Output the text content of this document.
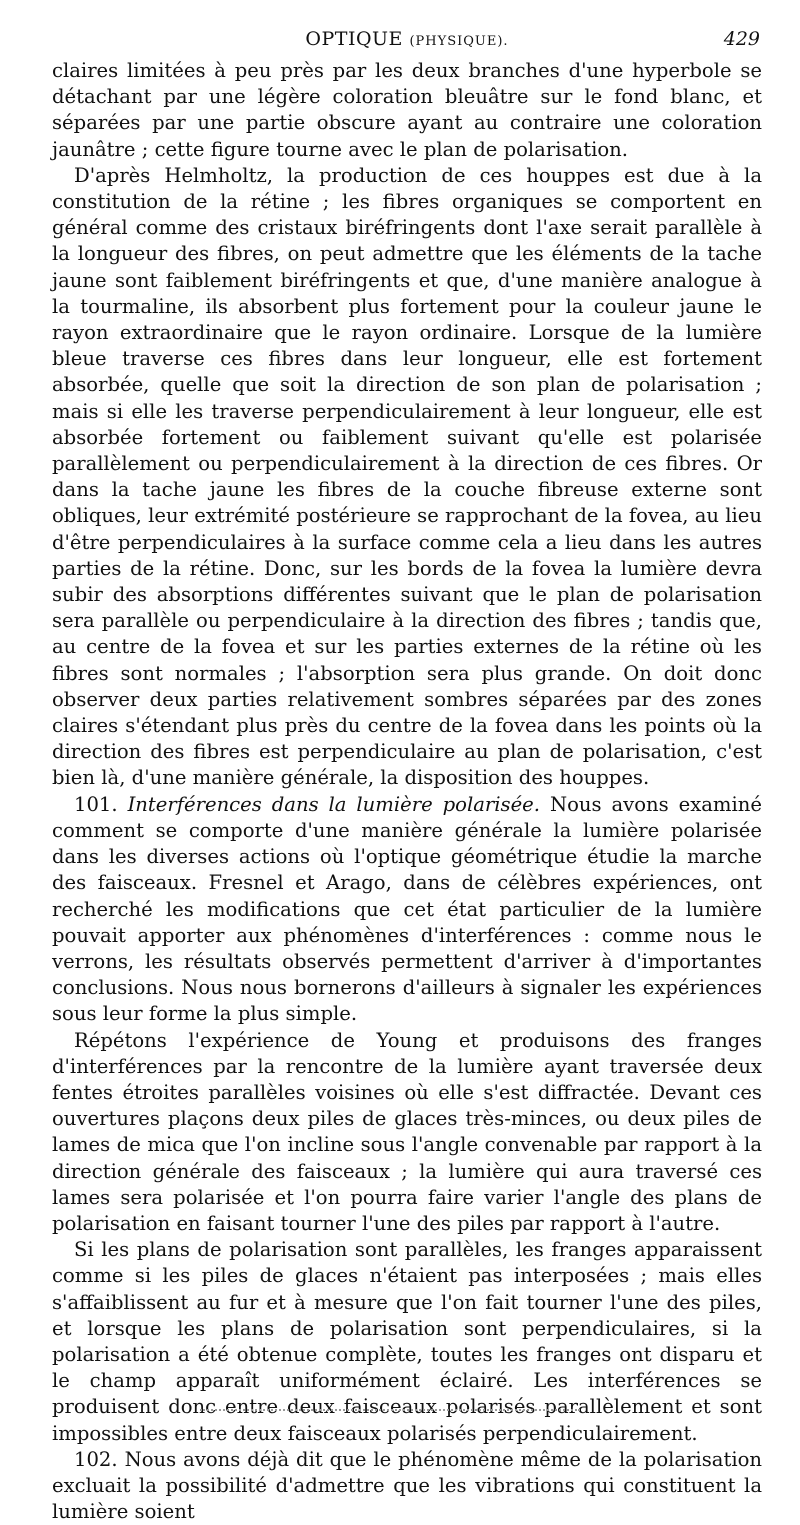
OPTIQUE (PHYSIQUE).	429

claires limitées à peu près par les deux branches d'une hyperbole se détachant par une légère coloration bleuâtre sur le fond blanc, et séparées par une partie obscure ayant au contraire une coloration jaunâtre ; cette figure tourne avec le plan de polarisation.

D'après Helmholtz, la production de ces houppes est due à la constitution de la rétine ; les fibres organiques se comportent en général comme des cristaux biréfringents dont l'axe serait parallèle à la longueur des fibres, on peut admettre que les éléments de la tache jaune sont faiblement biréfringents et que, d'une manière analogue à la tourmaline, ils absorbent plus fortement pour la couleur jaune le rayon extraordinaire que le rayon ordinaire. Lorsque de la lumière bleue traverse ces fibres dans leur longueur, elle est fortement absorbée, quelle que soit la direction de son plan de polarisation ; mais si elle les traverse perpendiculairement à leur longueur, elle est absorbée fortement ou faiblement suivant qu'elle est polarisée parallèlement ou perpendiculairement à la direction de ces fibres. Or dans la tache jaune les fibres de la couche fibreuse externe sont obliques, leur extrémité postérieure se rapprochant de la fovea, au lieu d'être perpendiculaires à la surface comme cela a lieu dans les autres parties de la rétine. Donc, sur les bords de la fovea la lumière devra subir des absorptions différentes suivant que le plan de polarisation sera parallèle ou perpendiculaire à la direction des fibres ; tandis que, au centre de la fovea et sur les parties externes de la rétine où les fibres sont normales ; l'absorption sera plus grande. On doit donc observer deux parties relativement sombres séparées par des zones claires s'étendant plus près du centre de la fovea dans les points où la direction des fibres est perpendiculaire au plan de polarisation, c'est bien là, d'une manière générale, la disposition des houppes.

101. Interférences dans la lumière polarisée. Nous avons examiné comment se comporte d'une manière générale la lumière polarisée dans les diverses actions où l'optique géométrique étudie la marche des faisceaux. Fresnel et Arago, dans de célèbres expériences, ont recherché les modifications que cet état particulier de la lumière pouvait apporter aux phénomènes d'interférences : comme nous le verrons, les résultats observés permettent d'arriver à d'importantes conclusions. Nous nous bornerons d'ailleurs à signaler les expériences sous leur forme la plus simple.

Répétons l'expérience de Young et produisons des franges d'interférences par la rencontre de la lumière ayant traversée deux fentes étroites parallèles voisines où elle s'est diffractée. Devant ces ouvertures plaçons deux piles de glaces très-minces, ou deux piles de lames de mica que l'on incline sous l'angle convenable par rapport à la direction générale des faisceaux ; la lumière qui aura traversé ces lames sera polarisée et l'on pourra faire varier l'angle des plans de polarisation en faisant tourner l'une des piles par rapport à l'autre.

Si les plans de polarisation sont parallèles, les franges apparaissent comme si les piles de glaces n'étaient pas interposées ; mais elles s'affaiblissent au fur et à mesure que l'on fait tourner l'une des piles, et lorsque les plans de polarisation sont perpendiculaires, si la polarisation a été obtenue complète, toutes les franges ont disparu et le champ apparaît uniformément éclairé. Les interférences se produisent donc entre deux faisceaux polarisés parallèlement et sont impossibles entre deux faisceaux polarisés perpendiculairement.

102. Nous avons déjà dit que le phénomène même de la polarisation excluait la possibilité d'admettre que les vibrations qui constituent la lumière soient
